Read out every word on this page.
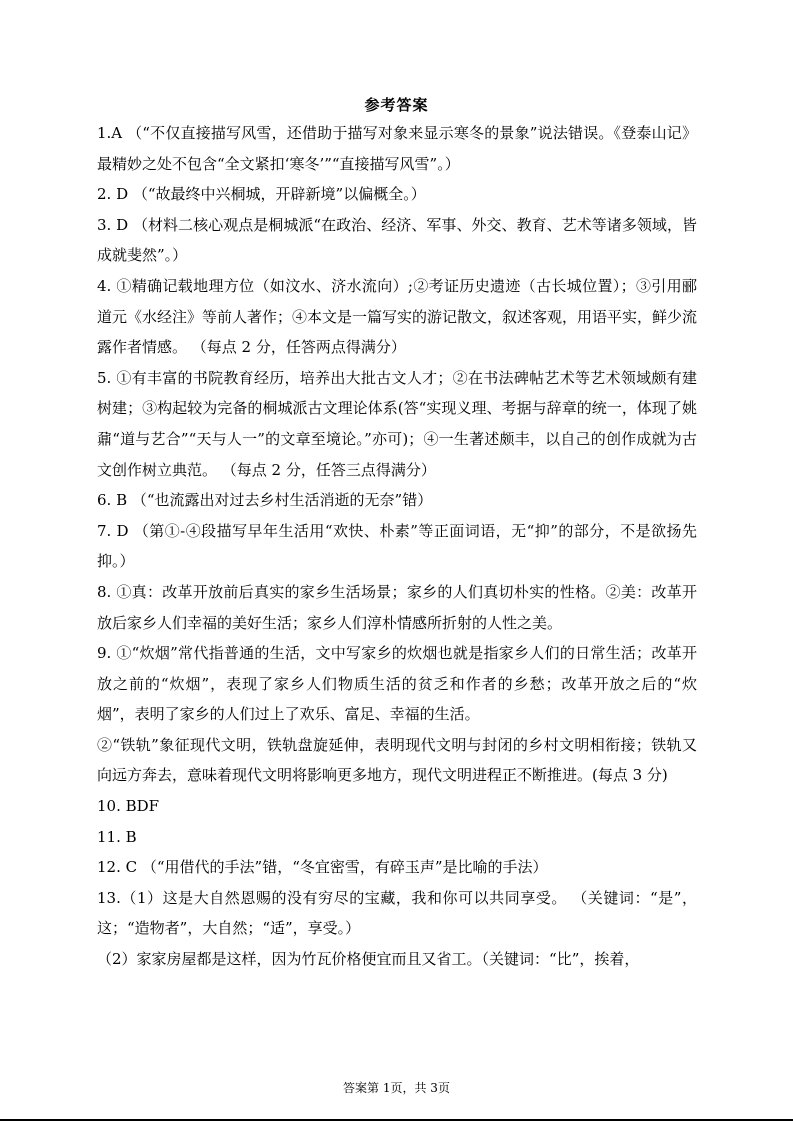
参考答案

1.A （“不仅直接描写风雪，还借助于描写对象来显示寒冬的景象”说法错误。《登泰山记》最精妙之处不包含“全文紧扣‘寒冬’”“直接描写风雪”。）

2. D （“故最终中兴桐城，开辟新境”以偏概全。）

3. D （材料二核心观点是桐城派“在政治、经济、军事、外交、教育、艺术等诸多领域，皆成就斐然”。）

4. ①精确记载地理方位（如汶水、济水流向）;②考证历史遗迹（古长城位置）；③引用郦道元《水经注》等前人著作；④本文是一篇写实的游记散文，叙述客观，用语平实，鲜少流露作者情感。 （每点 2 分，任答两点得满分）

5. ①有丰富的书院教育经历，培养出大批古文人才；②在书法碑帖艺术等艺术领域颇有建树建；③构起较为完备的桐城派古文理论体系(答“实现义理、考据与辞章的统一，体现了姚鼐“道与艺合”“天与人一”的文章至境论。”亦可)；④一生著述颇丰，以自己的创作成就为古文创作树立典范。 （每点 2 分，任答三点得满分）

6. B （“也流露出对过去乡村生活消逝的无奈”错）

7. D （第①-④段描写早年生活用“欢快、朴素”等正面词语，无“抑”的部分，不是欲扬先抑。）

8. ①真：改革开放前后真实的家乡生活场景；家乡的人们真切朴实的性格。②美：改革开放后家乡人们幸福的美好生活；家乡人们淳朴情感所折射的人性之美。

9. ①“炊烟”常代指普通的生活，文中写家乡的炊烟也就是指家乡人们的日常生活；改革开放之前的“炊烟”，表现了家乡人们物质生活的贫乏和作者的乡愁；改革开放之后的“炊烟”，表明了家乡的人们过上了欢乐、富足、幸福的生活。

②“铁轨”象征现代文明，铁轨盘旋延伸，表明现代文明与封闭的乡村文明相衔接；铁轨又向远方奔去，意味着现代文明将影响更多地方，现代文明进程正不断推进。(每点 3 分)

10. BDF

11. B

12. C （“用借代的手法”错，“冬宜密雪，有碎玉声”是比喻的手法）

13.（1）这是大自然恩赐的没有穷尽的宝藏，我和你可以共同享受。 （关键词：“是”，这；“造物者”，大自然；“适”，享受。）

（2）家家房屋都是这样，因为竹瓦价格便宜而且又省工。（关键词：“比”，挨着，

答案第 1页，共 3页
